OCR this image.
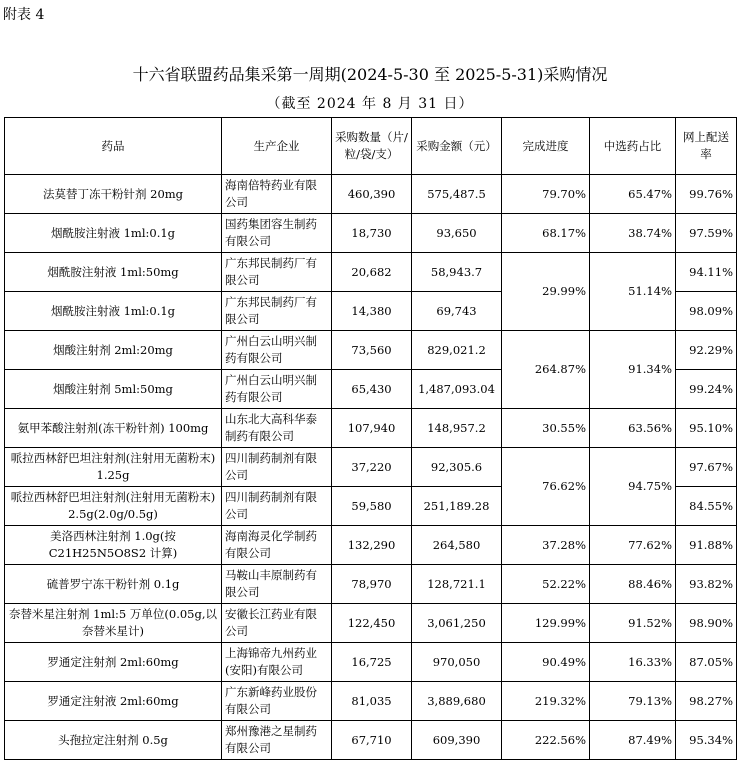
附表 4
十六省联盟药品集采第一周期(2024-5-30 至 2025-5-31)采购情况
（截至 2024 年 8 月 31 日）
药品	生产企业	采购数量（片/粒/袋/支）	采购金额（元）	完成进度	中选药占比	网上配送率
法莫替丁冻干粉针剂 20mg	海南倍特药业有限公司	460,390	575,487.5	79.70%	65.47%	99.76%
烟酰胺注射液 1ml:0.1g	国药集团容生制药有限公司	18,730	93,650	68.17%	38.74%	97.59%
烟酰胺注射液 1ml:50mg	广东邦民制药厂有限公司	20,682	58,943.7	29.99%	51.14%	94.11%
烟酰胺注射液 1ml:0.1g	广东邦民制药厂有限公司	14,380	69,743			98.09%
烟酸注射剂 2ml:20mg	广州白云山明兴制药有限公司	73,560	829,021.2	264.87%	91.34%	92.29%
烟酸注射剂 5ml:50mg	广州白云山明兴制药有限公司	65,430	1,487,093.04			99.24%
氨甲苯酸注射剂(冻干粉针剂) 100mg	山东北大高科华泰制药有限公司	107,940	148,957.2	30.55%	63.56%	95.10%
哌拉西林舒巴坦注射剂(注射用无菌粉末) 1.25g	四川制药制剂有限公司	37,220	92,305.6	76.62%	94.75%	97.67%
哌拉西林舒巴坦注射剂(注射用无菌粉末) 2.5g(2.0g/0.5g)	四川制药制剂有限公司	59,580	251,189.28			84.55%
美洛西林注射剂 1.0g(按C21H25N5O8S2 计算)	海南海灵化学制药有限公司	132,290	264,580	37.28%	77.62%	91.88%
硫普罗宁冻干粉针剂 0.1g	马鞍山丰原制药有限公司	78,970	128,721.1	52.22%	88.46%	93.82%
奈替米星注射剂 1ml:5 万单位(0.05g,以奈替米星计)	安徽长江药业有限公司	122,450	3,061,250	129.99%	91.52%	98.90%
罗通定注射剂 2ml:60mg	上海锦帝九州药业(安阳)有限公司	16,725	970,050	90.49%	16.33%	87.05%
罗通定注射液 2ml:60mg	广东新峰药业股份有限公司	81,035	3,889,680	219.32%	79.13%	98.27%
头孢拉定注射剂 0.5g	郑州豫港之星制药有限公司	67,710	609,390	222.56%	87.49%	95.34%
